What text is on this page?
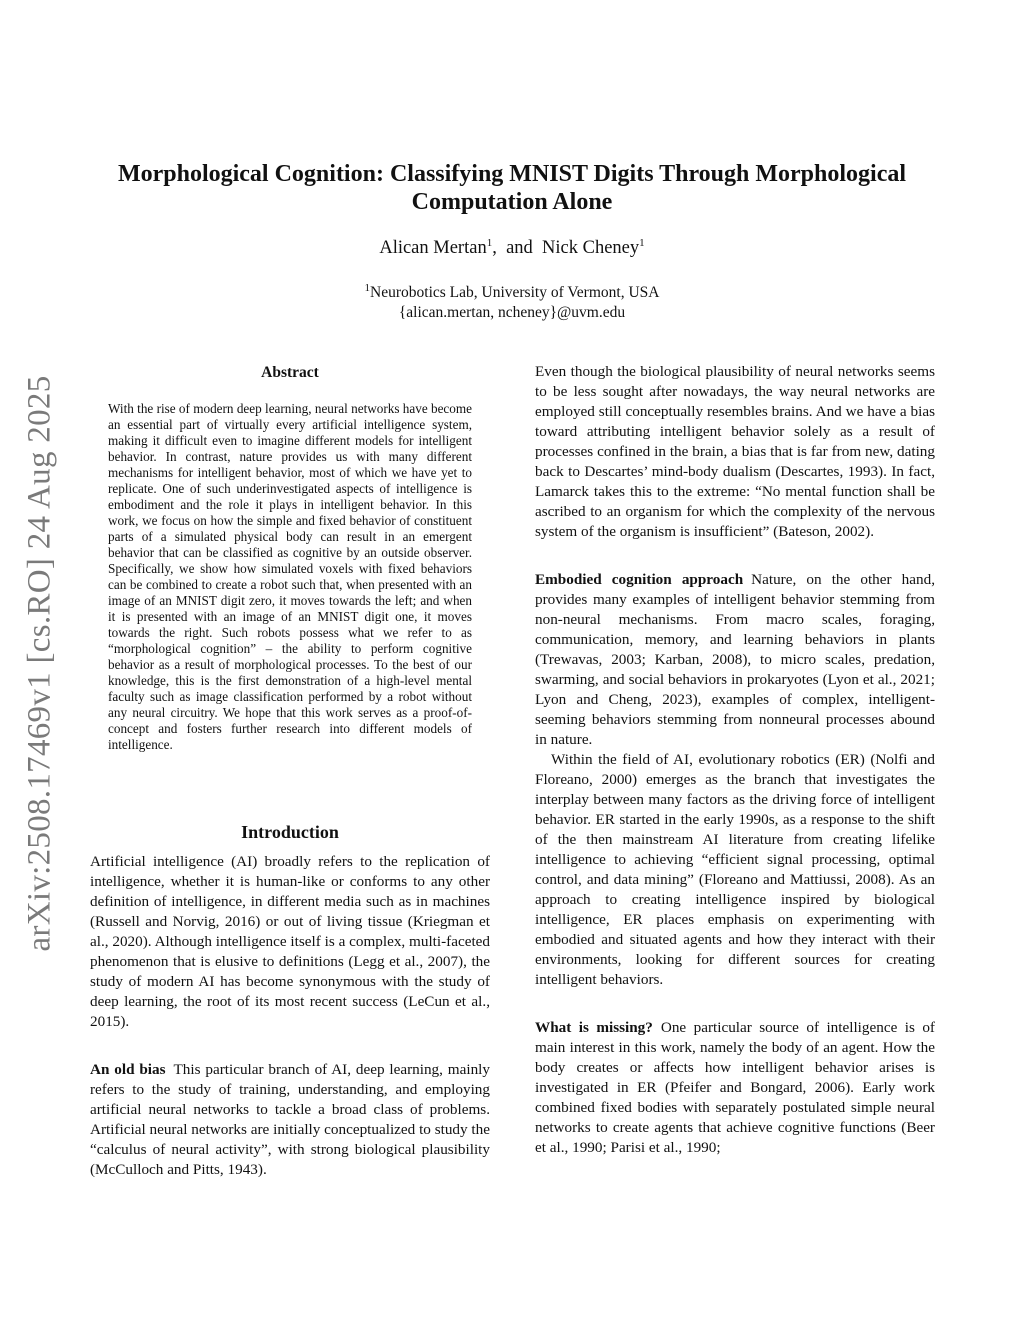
arXiv:2508.17469v1 [cs.RO] 24 Aug 2025
Morphological Cognition: Classifying MNIST Digits Through Morphological
Computation Alone
Alican Mertan$^1$,  and  Nick Cheney$^1$
$^1$Neurobotics Lab, University of Vermont, USA
{alican.mertan, ncheney}@uvm.edu
Abstract

With the rise of modern deep learning, neural networks have become an essential part of virtually every artificial intelligence system, making it difficult even to imagine different models for intelligent behavior. In contrast, nature provides us with many different mechanisms for intelligent behavior, most of which we have yet to replicate. One of such underinvestigated aspects of intelligence is embodiment and the role it plays in intelligent behavior. In this work, we focus on how the simple and fixed behavior of constituent parts of a simulated physical body can result in an emergent behavior that can be classified as cognitive by an outside observer. Specifically, we show how simulated voxels with fixed behaviors can be combined to create a robot such that, when presented with an image of an MNIST digit zero, it moves towards the left; and when it is presented with an image of an MNIST digit one, it moves towards the right. Such robots possess what we refer to as “morphological cognition” – the ability to perform cognitive behavior as a result of morphological processes. To the best of our knowledge, this is the first demonstration of a high-level mental faculty such as image classification performed by a robot without any neural circuitry. We hope that this work serves as a proof-of-concept and fosters further research into different models of intelligence.

Introduction

Artificial intelligence (AI) broadly refers to the replication of intelligence, whether it is human-like or conforms to any other definition of intelligence, in different media such as in machines (Russell and Norvig, 2016) or out of living tissue (Kriegman et al., 2020). Although intelligence itself is a complex, multi-faceted phenomenon that is elusive to definitions (Legg et al., 2007), the study of modern AI has become synonymous with the study of deep learning, the root of its most recent success (LeCun et al., 2015).

An old bias This particular branch of AI, deep learning, mainly refers to the study of training, understanding, and employing artificial neural networks to tackle a broad class of problems. Artificial neural networks are initially conceptualized to study the “calculus of neural activity”, with strong biological plausibility (McCulloch and Pitts, 1943).

Even though the biological plausibility of neural networks seems to be less sought after nowadays, the way neural networks are employed still conceptually resembles brains. And we have a bias toward attributing intelligent behavior solely as a result of processes confined in the brain, a bias that is far from new, dating back to Descartes’ mind-body dualism (Descartes, 1993). In fact, Lamarck takes this to the extreme: “No mental function shall be ascribed to an organism for which the complexity of the nervous system of the organism is insufficient” (Bateson, 2002).

Embodied cognition approach Nature, on the other hand, provides many examples of intelligent behavior stemming from non-neural mechanisms. From macro scales, foraging, communication, memory, and learning behaviors in plants (Trewavas, 2003; Karban, 2008), to micro scales, predation, swarming, and social behaviors in prokaryotes (Lyon et al., 2021; Lyon and Cheng, 2023), examples of complex, intelligent-seeming behaviors stemming from nonneural processes abound in nature.

Within the field of AI, evolutionary robotics (ER) (Nolfi and Floreano, 2000) emerges as the branch that investigates the interplay between many factors as the driving force of intelligent behavior. ER started in the early 1990s, as a response to the shift of the then mainstream AI literature from creating lifelike intelligence to achieving “efficient signal processing, optimal control, and data mining” (Floreano and Mattiussi, 2008). As an approach to creating intelligence inspired by biological intelligence, ER places emphasis on experimenting with embodied and situated agents and how they interact with their environments, looking for different sources for creating intelligent behaviors.

What is missing? One particular source of intelligence is of main interest in this work, namely the body of an agent. How the body creates or affects how intelligent behavior arises is investigated in ER (Pfeifer and Bongard, 2006). Early work combined fixed bodies with separately postulated simple neural networks to create agents that achieve cognitive functions (Beer et al., 1990; Parisi et al., 1990;
